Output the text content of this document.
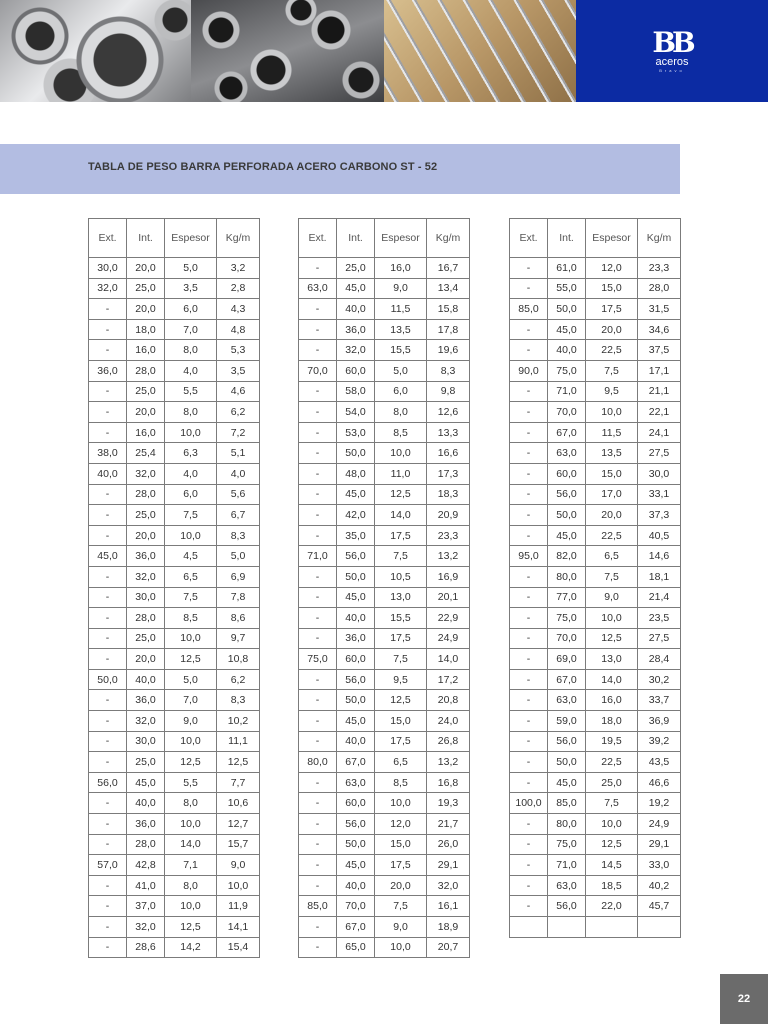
BB
aceros
Bravo
TABLA DE PESO BARRA PERFORADA ACERO CARBONO ST - 52
Ext.	Int.	Espesor	Kg/m
30,0	20,0	5,0	3,2
32,0	25,0	3,5	2,8
-	20,0	6,0	4,3
-	18,0	7,0	4,8
-	16,0	8,0	5,3
36,0	28,0	4,0	3,5
-	25,0	5,5	4,6
-	20,0	8,0	6,2
-	16,0	10,0	7,2
38,0	25,4	6,3	5,1
40,0	32,0	4,0	4,0
-	28,0	6,0	5,6
-	25,0	7,5	6,7
-	20,0	10,0	8,3
45,0	36,0	4,5	5,0
-	32,0	6,5	6,9
-	30,0	7,5	7,8
-	28,0	8,5	8,6
-	25,0	10,0	9,7
-	20,0	12,5	10,8
50,0	40,0	5,0	6,2
-	36,0	7,0	8,3
-	32,0	9,0	10,2
-	30,0	10,0	11,1
-	25,0	12,5	12,5
56,0	45,0	5,5	7,7
-	40,0	8,0	10,6
-	36,0	10,0	12,7
-	28,0	14,0	15,7
57,0	42,8	7,1	9,0
-	41,0	8,0	10,0
-	37,0	10,0	11,9
-	32,0	12,5	14,1
-	28,6	14,2	15,4
Ext.	Int.	Espesor	Kg/m
-	25,0	16,0	16,7
63,0	45,0	9,0	13,4
-	40,0	11,5	15,8
-	36,0	13,5	17,8
-	32,0	15,5	19,6
70,0	60,0	5,0	8,3
-	58,0	6,0	9,8
-	54,0	8,0	12,6
-	53,0	8,5	13,3
-	50,0	10,0	16,6
-	48,0	11,0	17,3
-	45,0	12,5	18,3
-	42,0	14,0	20,9
-	35,0	17,5	23,3
71,0	56,0	7,5	13,2
-	50,0	10,5	16,9
-	45,0	13,0	20,1
-	40,0	15,5	22,9
-	36,0	17,5	24,9
75,0	60,0	7,5	14,0
-	56,0	9,5	17,2
-	50,0	12,5	20,8
-	45,0	15,0	24,0
-	40,0	17,5	26,8
80,0	67,0	6,5	13,2
-	63,0	8,5	16,8
-	60,0	10,0	19,3
-	56,0	12,0	21,7
-	50,0	15,0	26,0
-	45,0	17,5	29,1
-	40,0	20,0	32,0
85,0	70,0	7,5	16,1
-	67,0	9,0	18,9
-	65,0	10,0	20,7
Ext.	Int.	Espesor	Kg/m
-	61,0	12,0	23,3
-	55,0	15,0	28,0
85,0	50,0	17,5	31,5
-	45,0	20,0	34,6
-	40,0	22,5	37,5
90,0	75,0	7,5	17,1
-	71,0	9,5	21,1
-	70,0	10,0	22,1
-	67,0	11,5	24,1
-	63,0	13,5	27,5
-	60,0	15,0	30,0
-	56,0	17,0	33,1
-	50,0	20,0	37,3
-	45,0	22,5	40,5
95,0	82,0	6,5	14,6
-	80,0	7,5	18,1
-	77,0	9,0	21,4
-	75,0	10,0	23,5
-	70,0	12,5	27,5
-	69,0	13,0	28,4
-	67,0	14,0	30,2
-	63,0	16,0	33,7
-	59,0	18,0	36,9
-	56,0	19,5	39,2
-	50,0	22,5	43,5
-	45,0	25,0	46,6
100,0	85,0	7,5	19,2
-	80,0	10,0	24,9
-	75,0	12,5	29,1
-	71,0	14,5	33,0
-	63,0	18,5	40,2
-	56,0	22,0	45,7

22
